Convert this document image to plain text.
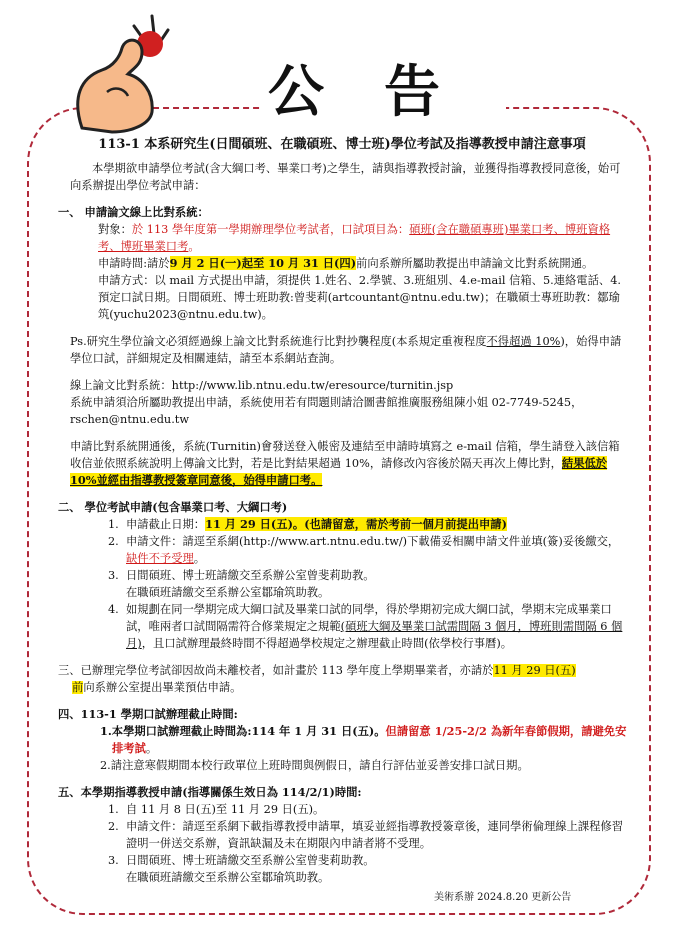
公告
113-1 本系研究生(日間碩班、在職碩班、博士班)學位考試及指導教授申請注意事項

本學期欲申請學位考試(含大綱口考、畢業口考)之學生，請與指導教授討論，並獲得指導教授同意後，始可向系辦提出學位考試申請：

一、 申請論文線上比對系統：

對象：於 113 學年度第一學期辦理學位考試者，口試項目為：碩班(含在職碩專班)畢業口考、博班資格考、博班畢業口考。

申請時間:請於9 月 2 日(一)起至 10 月 31 日(四)前向系辦所屬助教提出申請論文比對系統開通。

申請方式：以 mail 方式提出申請，須提供 1.姓名、2.學號、3.班組別、4.e-mail 信箱、5.連絡電話、4.預定口試日期。日間碩班、博士班助教:曾斐莉(artcountant@ntnu.edu.tw)；在職碩士專班助教：鄒瑜筑(yuchu2023@ntnu.edu.tw)。

Ps.研究生學位論文必須經過線上論文比對系統進行比對抄襲程度(本系規定重複程度不得超過 10%)，始得申請學位口試，詳細規定及相關連結，請至本系網站查詢。

線上論文比對系統：http://www.lib.ntnu.edu.tw/eresource/turnitin.jsp

系統申請須洽所屬助教提出申請，系統使用若有問題則請洽圖書館推廣服務組陳小姐 02-7749-5245，rschen@ntnu.edu.tw

申請比對系統開通後，系統(Turnitin)會發送登入帳密及連結至申請時填寫之 e-mail 信箱，學生請登入該信箱收信並依照系統說明上傳論文比對，若是比對結果超過 10%，請修改內容後於隔天再次上傳比對，結果低於 10%並經由指導教授簽章同意後，始得申請口考。

二、 學位考試申請(包含畢業口考、大綱口考)

1. 申請截止日期：11 月 29 日(五)。(也請留意，需於考前一個月前提出申請)
2. 申請文件：請逕至系網(http://www.art.ntnu.edu.tw/)下載備妥相關申請文件並填(簽)妥後繳交，缺件不予受理。
3. 日間碩班、博士班請繳交至系辦公室曾斐莉助教。
在職碩班請繳交至系辦公室鄒瑜筑助教。
4. 如規劃在同一學期完成大綱口試及畢業口試的同學，得於學期初完成大綱口試，學期末完成畢業口試，唯兩者口試間隔需符合修業規定之規範(碩班大綱及畢業口試需間隔 3 個月，博班則需間隔 6 個月)，且口試辦理最終時間不得超過學校規定之辦理截止時間(依學校行事曆)。

三、已辦理完學位考試卻因故尚未離校者，如計畫於 113 學年度上學期畢業者，亦請於11 月 29 日(五)
前向系辦公室提出畢業預估申請。

四、113-1 學期口試辦理截止時間:

1.本學期口試辦理截止時間為:114 年 1 月 31 日(五)。但請留意 1/25-2/2 為新年春節假期，請避免安排考試。

2.請注意寒假期間本校行政單位上班時間與例假日，請自行評估並妥善安排口試日期。

五、本學期指導教授申請(指導關係生效日為 114/2/1)時間:

1. 自 11 月 8 日(五)至 11 月 29 日(五)。
2. 申請文件：請逕至系網下載指導教授申請單，填妥並經指導教授簽章後，連同學術倫理線上課程修習證明一併送交系辦，資訊缺漏及未在期限內申請者將不受理。
3. 日間碩班、博士班請繳交至系辦公室曾斐莉助教。
在職碩班請繳交至系辦公室鄒瑜筑助教。
美術系辦 2024.8.20 更新公告
